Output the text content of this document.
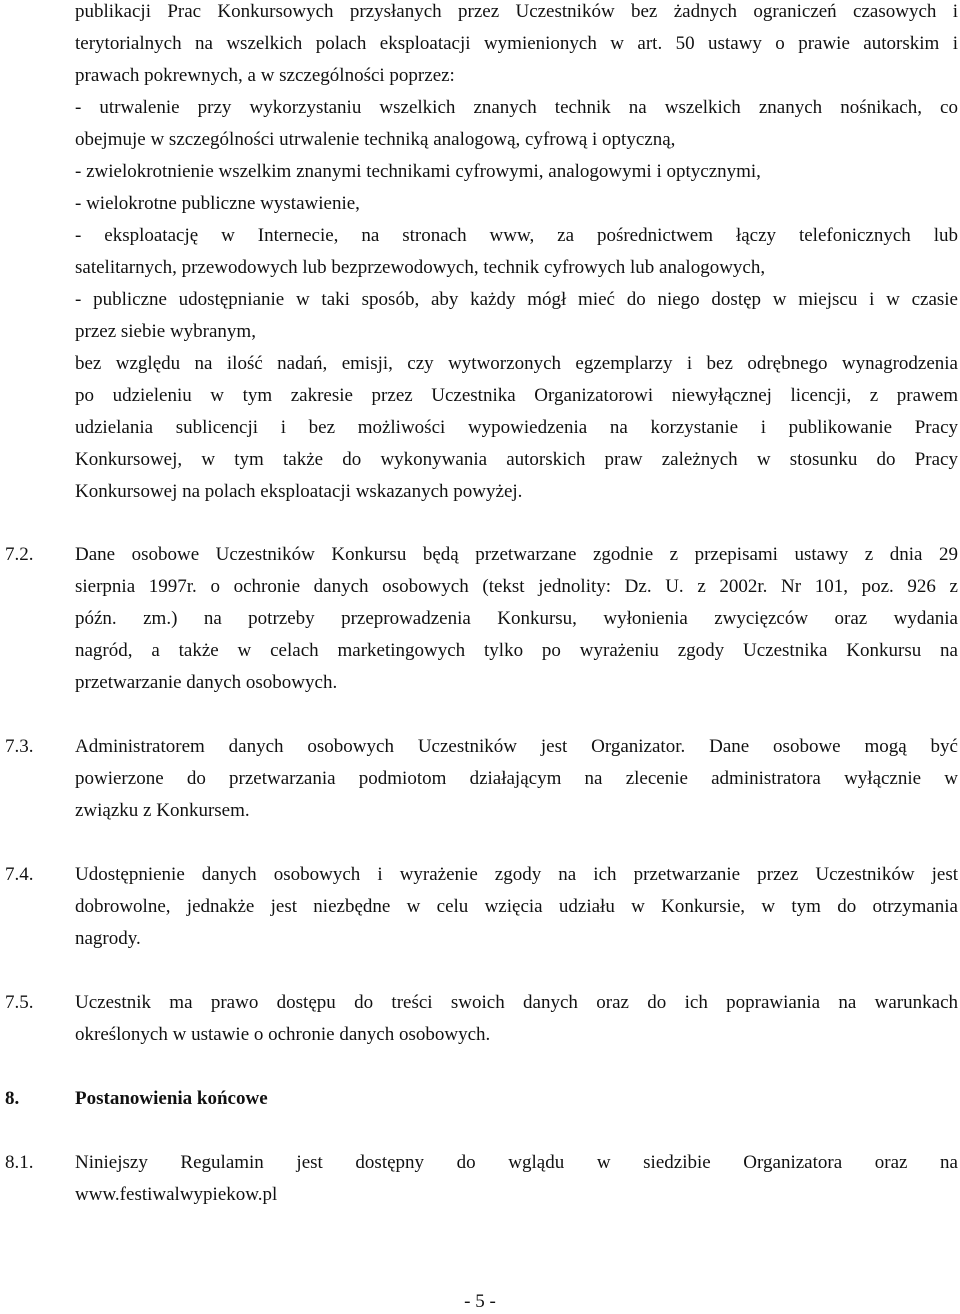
publikacji Prac Konkursowych przysłanych przez Uczestników bez żadnych ograniczeń czasowych i
terytorialnych na wszelkich polach eksploatacji wymienionych w art. 50 ustawy o prawie autorskim i
prawach pokrewnych, a w szczególności poprzez:
- utrwalenie przy wykorzystaniu wszelkich znanych technik na wszelkich znanych nośnikach, co
obejmuje w szczególności utrwalenie techniką analogową, cyfrową i optyczną,
- zwielokrotnienie wszelkim znanymi technikami cyfrowymi, analogowymi i optycznymi,
- wielokrotne publiczne wystawienie,
- eksploatację w Internecie, na stronach www, za pośrednictwem łączy telefonicznych lub
satelitarnych, przewodowych lub bezprzewodowych, technik cyfrowych lub analogowych,
- publiczne udostępnianie w taki sposób, aby każdy mógł mieć do niego dostęp w miejscu i w czasie
przez siebie wybranym,
bez względu na ilość nadań, emisji, czy wytworzonych egzemplarzy i bez odrębnego wynagrodzenia
po udzieleniu w tym zakresie przez Uczestnika Organizatorowi niewyłącznej licencji, z prawem
udzielania sublicencji i bez możliwości wypowiedzenia na korzystanie i publikowanie Pracy
Konkursowej, w tym także do wykonywania autorskich praw zależnych w stosunku do Pracy
Konkursowej na polach eksploatacji wskazanych powyżej.
7.2. Dane osobowe Uczestników Konkursu będą przetwarzane zgodnie z przepisami ustawy z dnia 29
sierpnia 1997r. o ochronie danych osobowych (tekst jednolity: Dz. U. z 2002r. Nr 101, poz. 926 z
późn. zm.) na potrzeby przeprowadzenia Konkursu, wyłonienia zwycięzców oraz wydania
nagród, a także w celach marketingowych tylko po wyrażeniu zgody Uczestnika Konkursu na
przetwarzanie danych osobowych.
7.3. Administratorem danych osobowych Uczestników jest Organizator. Dane osobowe mogą być
powierzone do przetwarzania podmiotom działającym na zlecenie administratora wyłącznie w
związku z Konkursem.
7.4. Udostępnienie danych osobowych i wyrażenie zgody na ich przetwarzanie przez Uczestników jest
dobrowolne, jednakże jest niezbędne w celu wzięcia udziału w Konkursie, w tym do otrzymania
nagrody.
7.5. Uczestnik ma prawo dostępu do treści swoich danych oraz do ich poprawiania na warunkach
określonych w ustawie o ochronie danych osobowych.
8.	Postanowienia końcowe
8.1. Niniejszy Regulamin jest dostępny do wglądu w siedzibie Organizatora oraz na
www.festiwalwypiekow.pl
- 5 -
